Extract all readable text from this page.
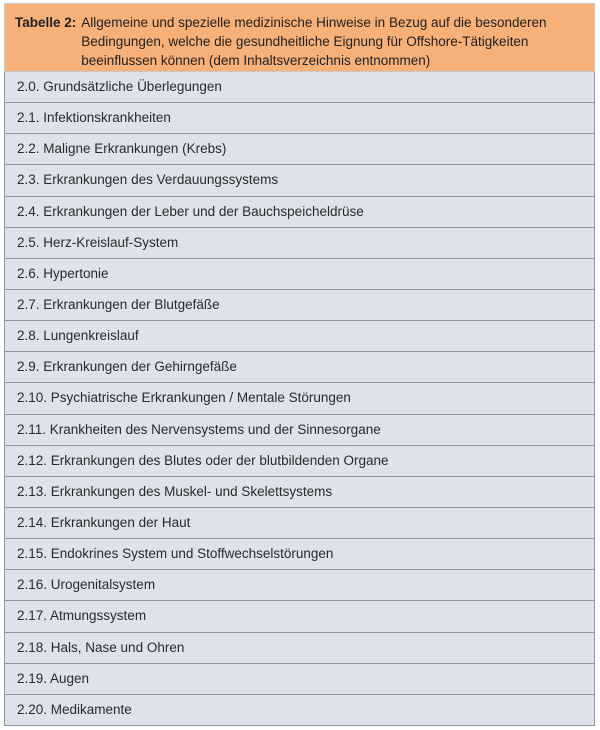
Tabelle 2: Allgemeine und spezielle medizinische Hinweise in Bezug auf die besonderen Bedingungen, welche die gesundheitliche Eignung für Offshore-Tätigkeiten beeinflussen können (dem Inhaltsverzeichnis entnommen)
2.0. Grundsätzliche Überlegungen
2.1. Infektionskrankheiten
2.2. Maligne Erkrankungen (Krebs)
2.3. Erkrankungen des Verdauungssystems
2.4. Erkrankungen der Leber und der Bauchspeicheldrüse
2.5. Herz-Kreislauf-System
2.6. Hypertonie
2.7. Erkrankungen der Blutgefäße
2.8. Lungenkreislauf
2.9. Erkrankungen der Gehirngefäße
2.10. Psychiatrische Erkrankungen / Mentale Störungen
2.11. Krankheiten des Nervensystems und der Sinnesorgane
2.12. Erkrankungen des Blutes oder der blutbildenden Organe
2.13. Erkrankungen des Muskel- und Skelettsystems
2.14. Erkrankungen der Haut
2.15. Endokrines System und Stoffwechselstörungen
2.16. Urogenitalsystem
2.17. Atmungssystem
2.18. Hals, Nase und Ohren
2.19. Augen
2.20. Medikamente
